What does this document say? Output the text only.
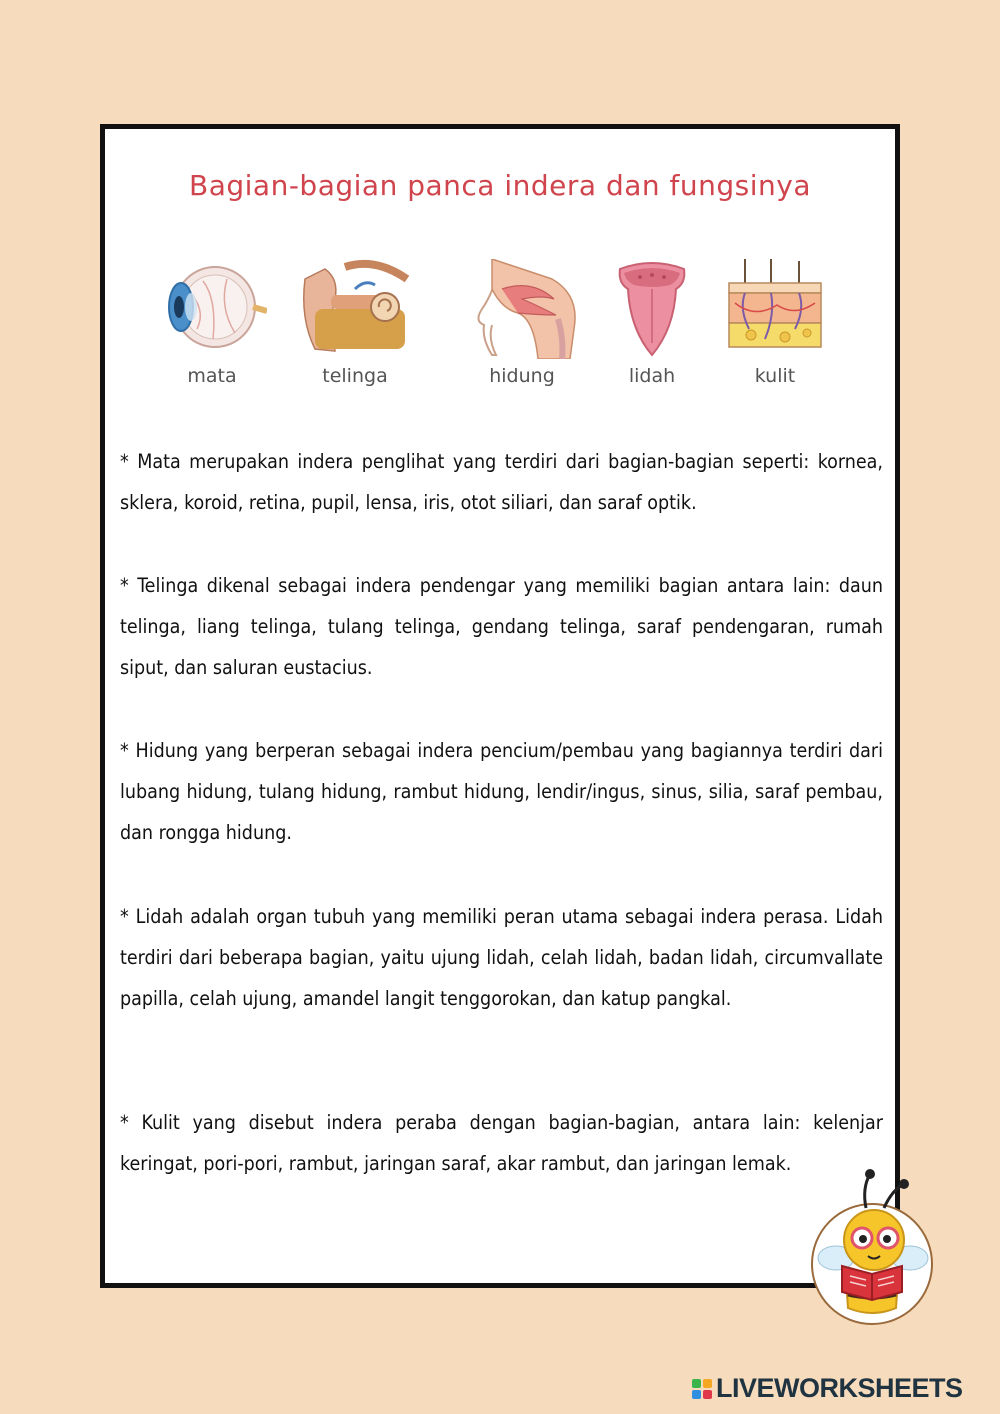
Bagian-bagian panca indera dan fungsinya
mata	telinga	hidung	lidah	kulit

* Mata merupakan indera penglihat yang terdiri dari bagian-bagian seperti: kornea, sklera, koroid, retina, pupil, lensa, iris, otot siliari, dan saraf optik.

* Telinga dikenal sebagai indera pendengar yang memiliki bagian antara lain: daun telinga, liang telinga, tulang telinga, gendang telinga, saraf pendengaran, rumah siput, dan saluran eustacius.

* Hidung yang berperan sebagai indera pencium/pembau yang bagiannya terdiri dari lubang hidung, tulang hidung, rambut hidung, lendir/ingus, sinus, silia, saraf pembau, dan rongga hidung.

* Lidah adalah organ tubuh yang memiliki peran utama sebagai indera perasa. Lidah terdiri dari beberapa bagian, yaitu ujung lidah, celah lidah, badan lidah, circumvallate papilla, celah ujung, amandel langit tenggorokan, dan katup pangkal.

* Kulit yang disebut indera peraba dengan bagian-bagian, antara lain: kelenjar keringat, pori-pori, rambut, jaringan saraf, akar rambut, dan jaringan lemak.

LIVEWORKSHEETS
